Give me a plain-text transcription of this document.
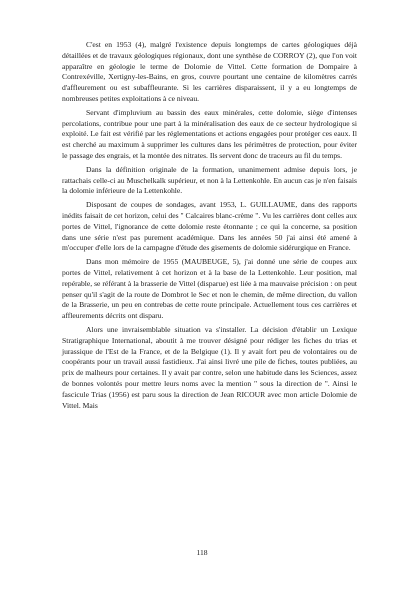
C'est en 1953 (4), malgré l'existence depuis longtemps de cartes géologiques déjà détaillées et de travaux géologiques régionaux, dont une synthèse de CORROY (2), que l'on voit apparaître en géologie le terme de Dolomie de Vittel. Cette formation de Dompaire à Contrexéville, Xertigny-les-Bains, en gros, couvre pourtant une centaine de kilomètres carrés d'affleurement ou est subaffleurante. Si les carrières disparaissent, il y a eu longtemps de nombreuses petites exploitations à ce niveau.

Servant d'impluvium au bassin des eaux minérales, cette dolomie, siège d'intenses percolations, contribue pour une part à la minéralisation des eaux de ce secteur hydrologique si exploité. Le fait est vérifié par les réglementations et actions engagées pour protéger ces eaux. Il est cherché au maximum à supprimer les cultures dans les périmètres de protection, pour éviter le passage des engrais, et la montée des nitrates. Ils servent donc de traceurs au fil du temps.

Dans la définition originale de la formation, unanimement admise depuis lors, je rattachais celle-ci au Muschelkalk supérieur, et non à la Lettenkohle. En aucun cas je n'en faisais la dolomie inférieure de la Lettenkohle.

Disposant de coupes de sondages, avant 1953, L. GUILLAUME, dans des rapports inédits faisait de cet horizon, celui des " Calcaires blanc-crème ". Vu les carrières dont celles aux portes de Vittel, l'ignorance de cette dolomie reste étonnante ; ce qui la concerne, sa position dans une série n'est pas purement académique. Dans les années 50 j'ai ainsi été amené à m'occuper d'elle lors de la campagne d'étude des gisements de dolomie sidérurgique en France.

Dans mon mémoire de 1955 (MAUBEUGE, 5), j'ai donné une série de coupes aux portes de Vittel, relativement à cet horizon et à la base de la Lettenkohle. Leur position, mal repérable, se référant à la brasserie de Vittel (disparue) est liée à ma mauvaise précision : on peut penser qu'il s'agit de la route de Dombrot le Sec et non le chemin, de même direction, du vallon de la Brasserie, un peu en contrebas de cette route principale. Actuellement tous ces carrières et affleurements décrits ont disparu.

Alors une invraisemblable situation va s'installer. La décision d'établir un Lexique Stratigraphique International, aboutit à me trouver désigné pour rédiger les fiches du trias et jurassique de l'Est de la France, et de la Belgique (1). Il y avait fort peu de volontaires ou de coopérants pour un travail aussi fastidieux. J'ai ainsi livré une pile de fiches, toutes publiées, au prix de malheurs pour certaines. Il y avait par contre, selon une habitude dans les Sciences, assez de bonnes volontés pour mettre leurs noms avec la mention " sous la direction de ". Ainsi le fascicule Trias (1956) est paru sous la direction de Jean RICOUR avec mon article Dolomie de Vittel. Mais

118
